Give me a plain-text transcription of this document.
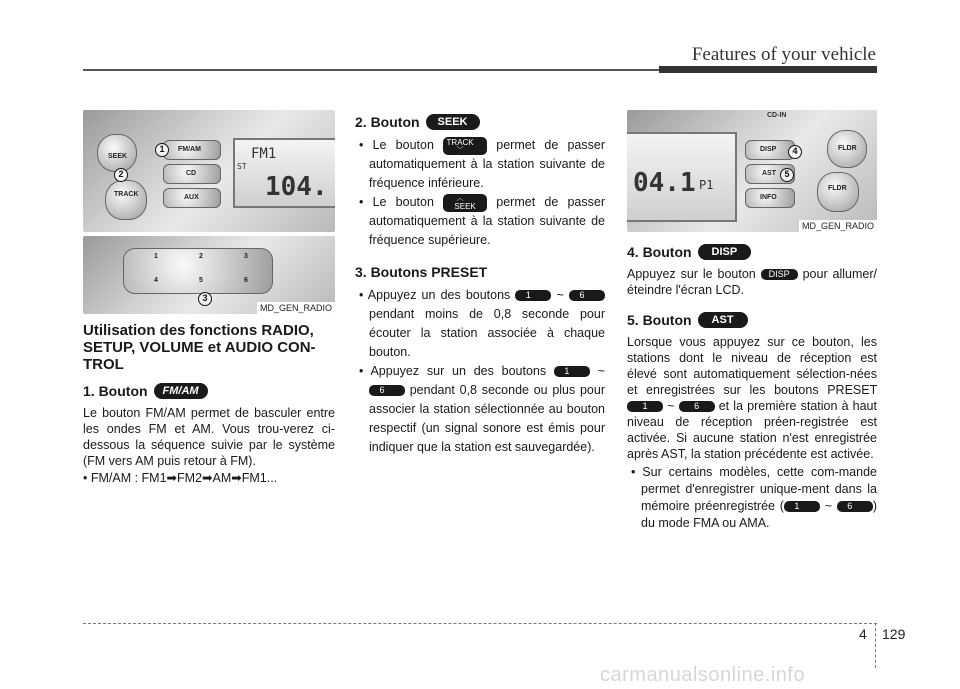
Features of your vehicle
FM1
ST
104.
FM/AM
CD
AUX
SEEK
TRACK
1
2
1	2	3
4	5	6
3
MD_GEN_RADIO
Utilisation des fonctions RADIO, SETUP, VOLUME et AUDIO CON-TROL
1. Bouton	FM/AM
Le bouton FM/AM permet de basculer entre les ondes FM et AM. Vous trou-verez ci-dessous la séquence suivie par le système (FM vers AM puis retour à FM).
• FM/AM : FM1➡FM2➡AM➡FM1...
2. Bouton	SEEK
• Le bouton TRACK
﹀	permet de passer automatiquement à la station suivante de fréquence inférieure.
• Le bouton	︿
SEEK permet de passer automatiquement à la station suivante de fréquence supérieure.
3. Boutons PRESET
• Appuyez un des boutons 1 ~ 6 pendant moins de 0,8 seconde pour écouter la station associée à chaque bouton.
• Appuyez sur un des boutons 1 ~ 6 pendant 0,8 seconde ou plus pour associer la station sélectionnée au bouton respectif (un signal sonore est émis pour indiquer que la station est sauvegardée).
CD-IN
04.1 P1
DISP
AST
INFO
FLDR
FLDR
4
5
MD_GEN_RADIO
4. Bouton	DISP
Appuyez sur le bouton DISP pour allumer/éteindre l'écran LCD.
5. Bouton	AST
Lorsque vous appuyez sur ce bouton, les stations dont le niveau de réception est élevé sont automatiquement sélection-nées et enregistrées sur les boutons PRESET 1 ~ 6 et la première station à haut niveau de réception préen-registrée est activée. Si aucune station n'est enregistrée après AST, la station précédente est activée.
• Sur certains modèles, cette com-mande permet d'enregistrer unique-ment dans la mémoire préenregistrée ( 1 ~ 6 ) du mode FMA ou AMA.
4 129
carmanualsonline.info
